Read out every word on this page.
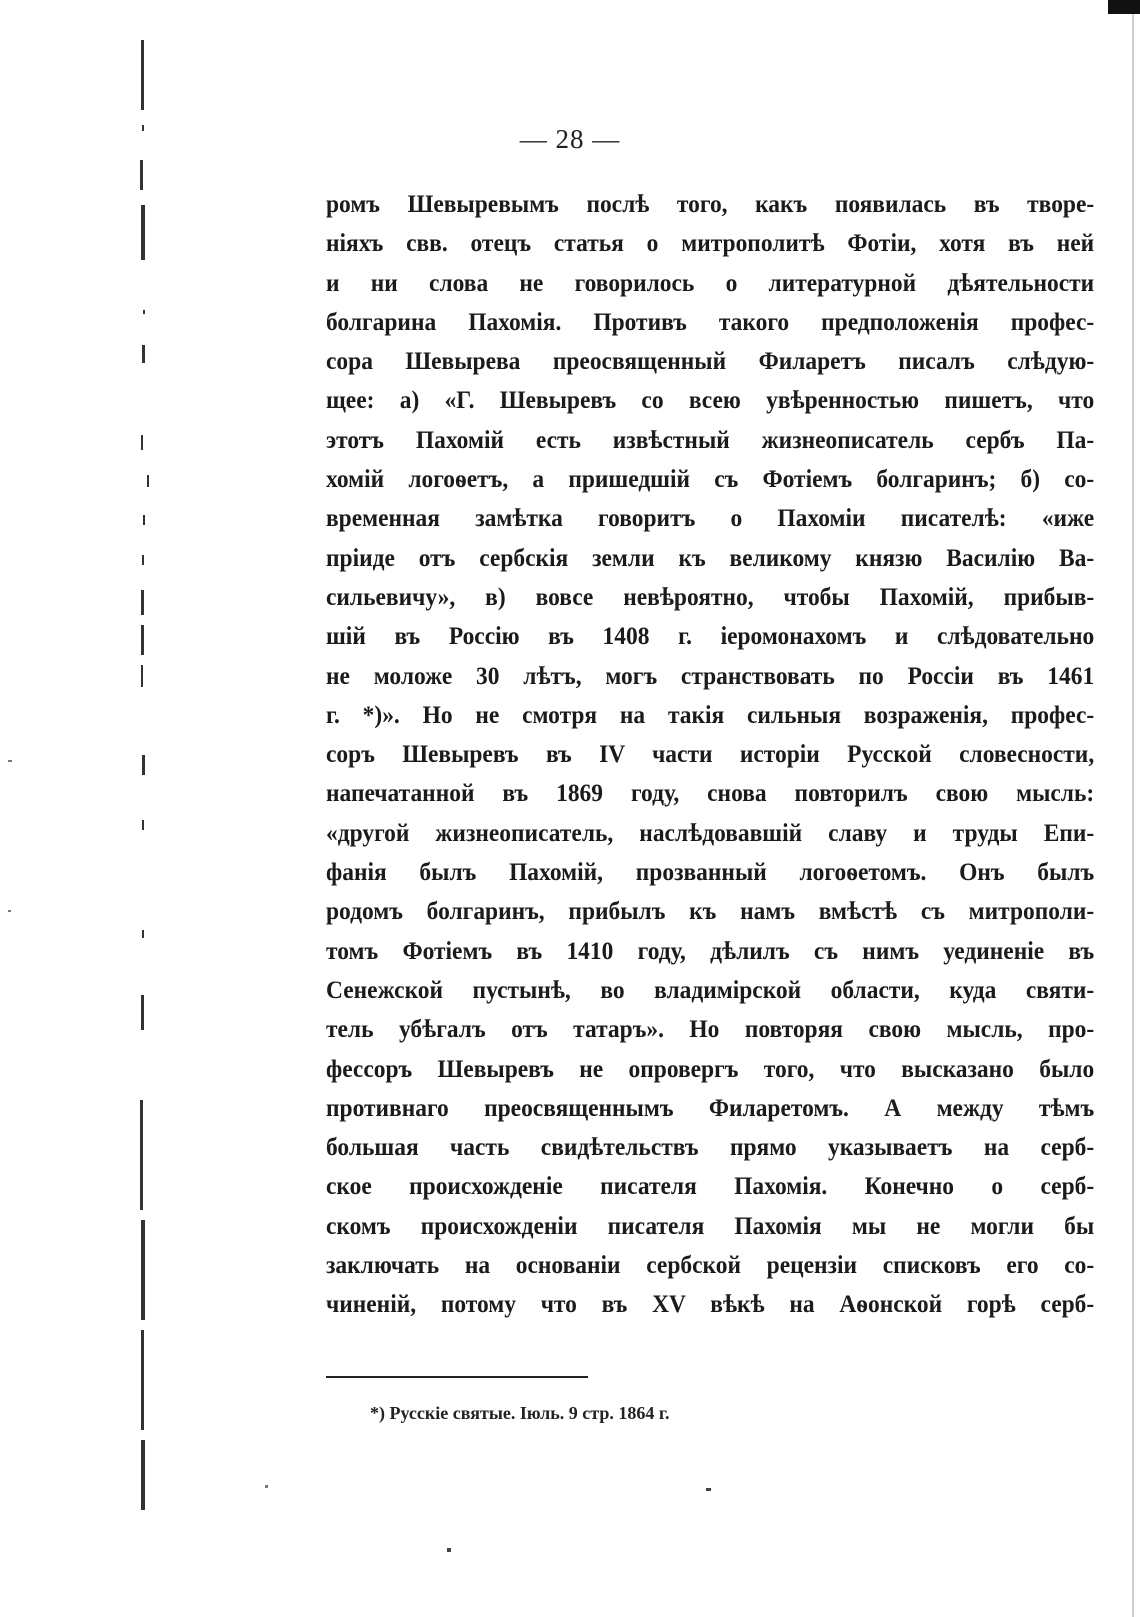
— 28 —
ромъ Шевыревымъ послѣ того, какъ появилась въ творе-
ніяхъ свв. отецъ статья о митрополитѣ Фотіи, хотя въ ней
и ни слова не говорилось о литературной дѣятельности
болгарина Пахомія. Противъ такого предположенія профес-
сора Шевырева преосвященный Филаретъ писалъ слѣдую-
щее: а) «Г. Шевыревъ со всею увѣренностью пишетъ, что
этотъ Пахомій есть извѣстный жизнеописатель сербъ Па-
хомій логоѳетъ, а пришедшій съ Фотіемъ болгаринъ; б) со-
временная замѣтка говоритъ о Пахоміи писателѣ: «иже
пріиде отъ сербскія земли къ великому князю Василію Ва-
сильевичу», в) вовсе невѣроятно, чтобы Пахомій, прибыв-
шій въ Россію въ 1408 г. іеромонахомъ и слѣдовательно
не моложе 30 лѣтъ, могъ странствовать по Россіи въ 1461
г. *)». Но не смотря на такія сильныя возраженія, профес-
соръ Шевыревъ въ IV части исторіи Русской словесности,
напечатанной въ 1869 году, снова повторилъ свою мысль:
«другой жизнеописатель, наслѣдовавшій славу и труды Епи-
фанія былъ Пахомій, прозванный логоѳетомъ. Онъ былъ
родомъ болгаринъ, прибылъ къ намъ вмѣстѣ съ митрополи-
томъ Фотіемъ въ 1410 году, дѣлилъ съ нимъ уединеніе въ
Сенежской пустынѣ, во владимірской области, куда святи-
тель убѣгалъ отъ татаръ». Но повторяя свою мысль, про-
фессоръ Шевыревъ не опровергъ того, что высказано было
противнаго преосвященнымъ Филаретомъ. А между тѣмъ
большая часть свидѣтельствъ прямо указываетъ на серб-
ское происхожденіе писателя Пахомія. Конечно о серб-
скомъ происхожденіи писателя Пахомія мы не могли бы
заключать на основаніи сербской рецензіи списковъ его со-
чиненій, потому что въ XV вѣкѣ на Аѳонской горѣ серб-
*) Русскіе святые. Іюль. 9 стр. 1864 г.
